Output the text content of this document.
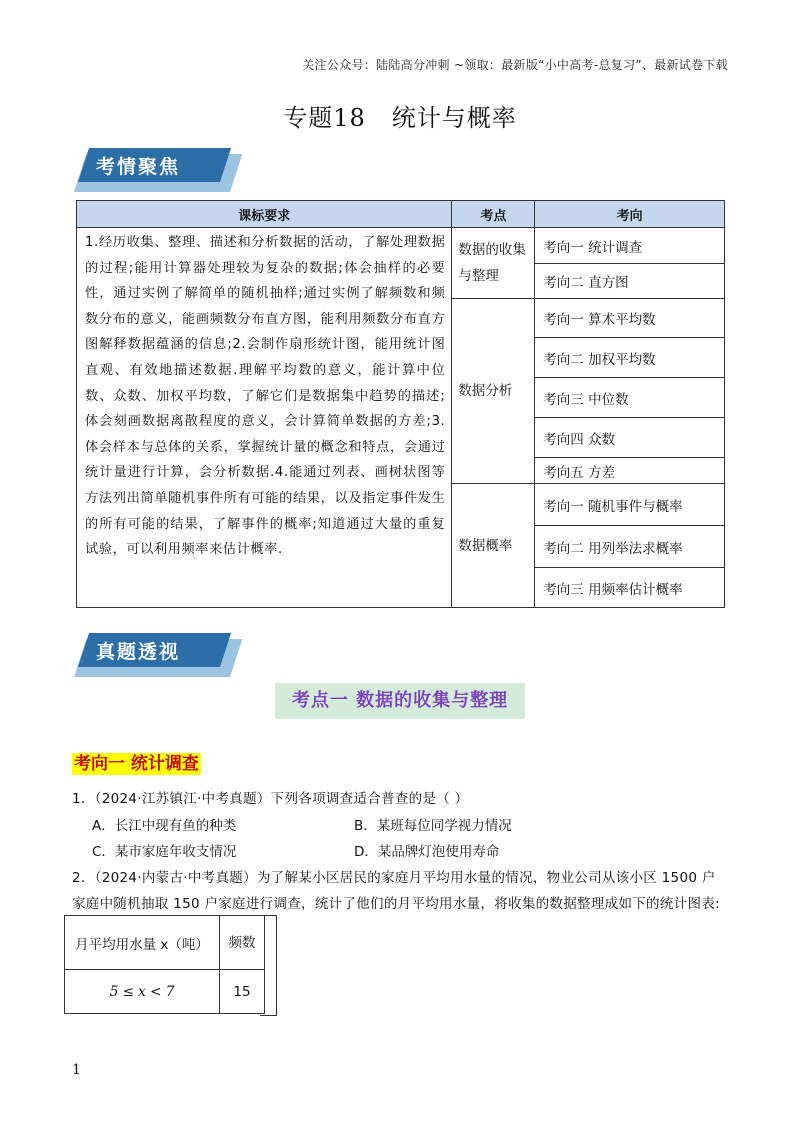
关注公众号：陆陆高分冲刺 ~领取：最新版“小中高考-总复习”、最新试卷下载
专题18 统计与概率
考情聚焦
课标要求	考点	考向
1.经历收集、整理、描述和分析数据的活动，了解处理数据的过程;能用计算器处理较为复杂的数据;体会抽样的必要性，通过实例了解简单的随机抽样;通过实例了解频数和频数分布的意义，能画频数分布直方图，能利用频数分布直方图解释数据蕴涵的信息;2.会制作扇形统计图，能用统计图直观、有效地描述数据.理解平均数的意义，能计算中位数、众数、加权平均数，了解它们是数据集中趋势的描述;体会刻画数据离散程度的意义，会计算简单数据的方差;3.体会样本与总体的关系，掌握统计量的概念和特点，会通过统计量进行计算，会分析数据.4.能通过列表、画树状图等方法列出简单随机事件所有可能的结果，以及指定事件发生的所有可能的结果，了解事件的概率;知道通过大量的重复试验，可以利用频率来估计概率.	数据的收集与整理	考向一 统计调查
		考向二 直方图
	数据分析	考向一 算术平均数
		考向二 加权平均数
		考向三 中位数
		考向四 众数
		考向五 方差
	数据概率	考向一 随机事件与概率
		考向二 用列举法求概率
		考向三 用频率估计概率
真题透视
考点一 数据的收集与整理
考向一 统计调查
1．（2024·江苏镇江·中考真题）下列各项调查适合普查的是（ ）
A．长江中现有鱼的种类	B．某班每位同学视力情况
C．某市家庭年收支情况	D．某品牌灯泡使用寿命
2．（2024·内蒙古·中考真题）为了解某小区居民的家庭月平均用水量的情况，物业公司从该小区 1500 户
家庭中随机抽取 150 户家庭进行调查，统计了他们的月平均用水量，将收集的数据整理成如下的统计图表:
月平均用水量 x（吨）	频数
5 ≤ x < 7	15
1
